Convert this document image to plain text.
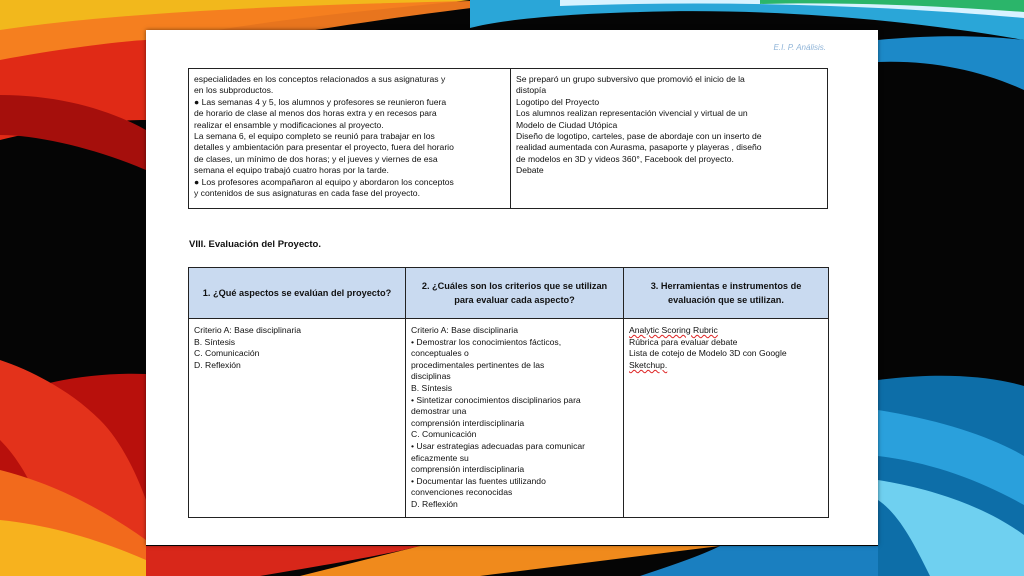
E.I. P. Análisis.
especialidades en los conceptos relacionados a sus asignaturas y
en los subproductos.
● Las semanas 4 y 5, los alumnos y profesores se reunieron fuera
de horario de clase al menos dos horas extra y en recesos para
realizar el ensamble y modificaciones al proyecto.
La semana 6, el equipo completo se reunió para trabajar en los
detalles y ambientación para presentar el proyecto, fuera del horario
de clases, un mínimo de dos horas; y el jueves y viernes de esa
semana el equipo trabajó cuatro horas por la tarde.
● Los profesores acompañaron al equipo y abordaron los conceptos
y contenidos de sus asignaturas en cada fase del proyecto.
Se preparó un grupo subversivo que promovió el inicio de la
distopía
Logotipo del Proyecto
Los alumnos realizan representación vivencial y virtual de un
Modelo de Ciudad Utópica
Diseño de logotipo, carteles, pase de abordaje con un inserto de
realidad aumentada con Aurasma, pasaporte y playeras , diseño
de modelos en 3D y videos 360°, Facebook del proyecto.
Debate
VIII. Evaluación del Proyecto.
1. ¿Qué aspectos se evalúan del proyecto?
2. ¿Cuáles son los criterios que se utilizan para evaluar cada aspecto?
3. Herramientas e instrumentos de evaluación que se utilizan.
Criterio A: Base disciplinaria
B. Síntesis
C. Comunicación
D. Reflexión
Criterio A: Base disciplinaria
• Demostrar los conocimientos fácticos,
conceptuales o
procedimentales pertinentes de las
disciplinas
B. Síntesis
• Sintetizar conocimientos disciplinarios para
demostrar una
comprensión interdisciplinaria
C. Comunicación
• Usar estrategias adecuadas para comunicar
eficazmente su
comprensión interdisciplinaria
• Documentar las fuentes utilizando
convenciones reconocidas
D. Reflexión
Analytic Scoring Rubric
Rúbrica para evaluar debate
Lista de cotejo de Modelo 3D con Google
Sketchup.
